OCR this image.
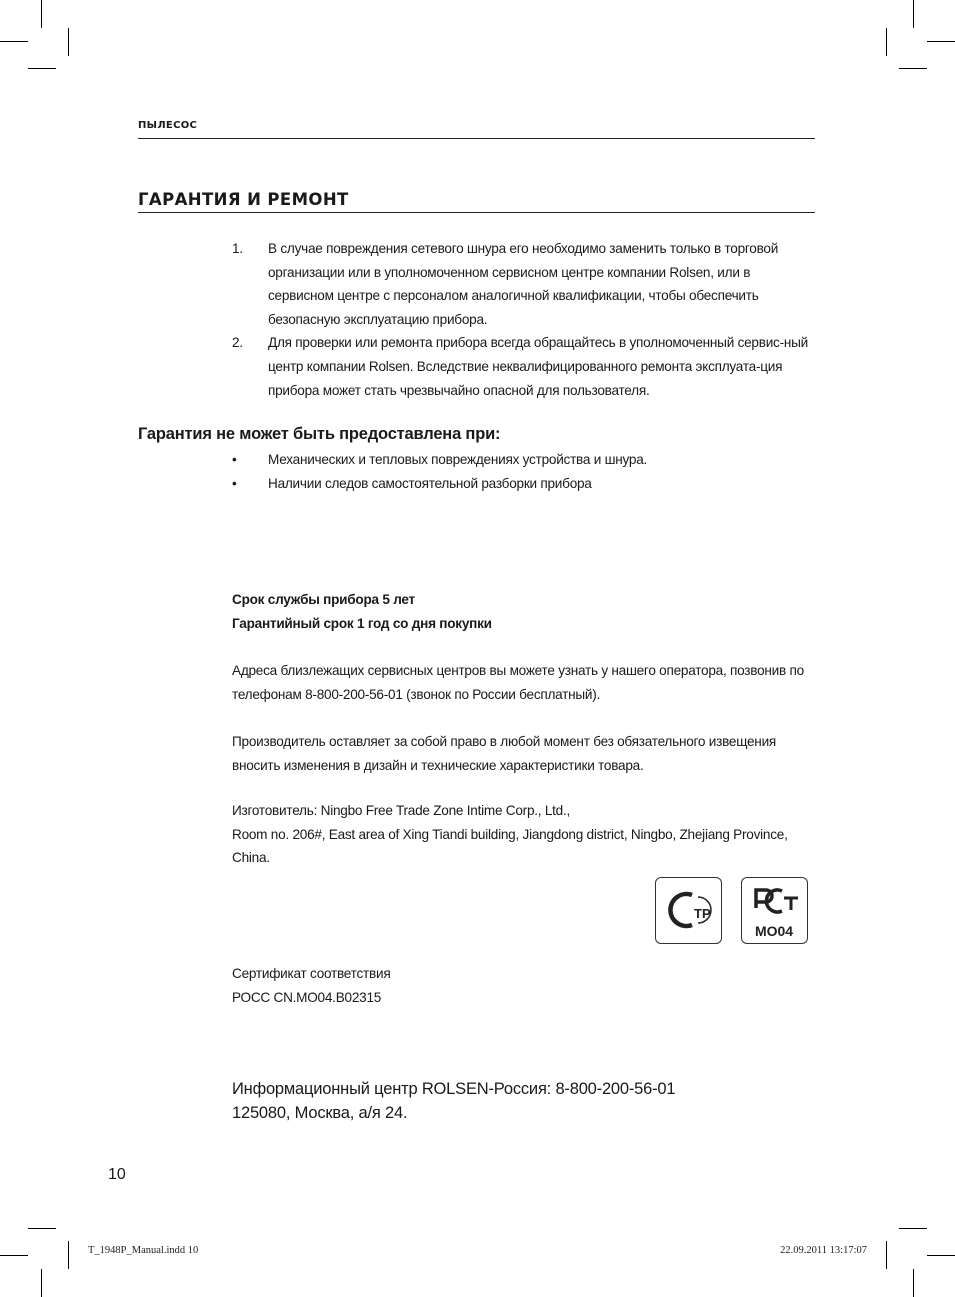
ПЫЛЕСОС
ГАРАНТИЯ И РЕМОНТ
1.	В случае повреждения сетевого шнура его необходимо заменить только в торговой организации или в уполномоченном сервисном центре компании Rolsen, или в сервисном центре с персоналом аналогичной квалификации, чтобы обеспечить безопасную эксплуатацию прибора.
2.	Для проверки или ремонта прибора всегда обращайтесь в уполномоченный сервис-ный центр компании Rolsen. Вследствие неквалифицированного ремонта эксплуата-ция прибора может стать чрезвычайно опасной для пользователя.
Гарантия не может быть предоставлена при:
•	Механических и тепловых повреждениях устройства и шнура.
•	Наличии следов самостоятельной разборки прибора

Срок службы прибора 5 лет

Гарантийный срок 1 год со дня покупки

Адреса близлежащих сервисных центров вы можете узнать у нашего оператора, позвонив по телефонам 8-800-200-56-01 (звонок по России бесплатный).
Производитель оставляет за собой право в любой момент без обязательного извещения вносить изменения в дизайн и технические характеристики товара.

Изготовитель: Ningbo Free Trade Zone Intime Corp., Ltd.,

Room no. 206#, East area of Xing Tiandi building, Jiangdong district, Ningbo, Zhejiang Province, China.

ТР
МО04

Сертификат соответствия

РОСС CN.MO04.B02315

Информационный центр ROLSEN-Россия: 8-800-200-56-01
125080, Москва, а/я 24.
10
T_1948P_Manual.indd 10	22.09.2011 13:17:07
